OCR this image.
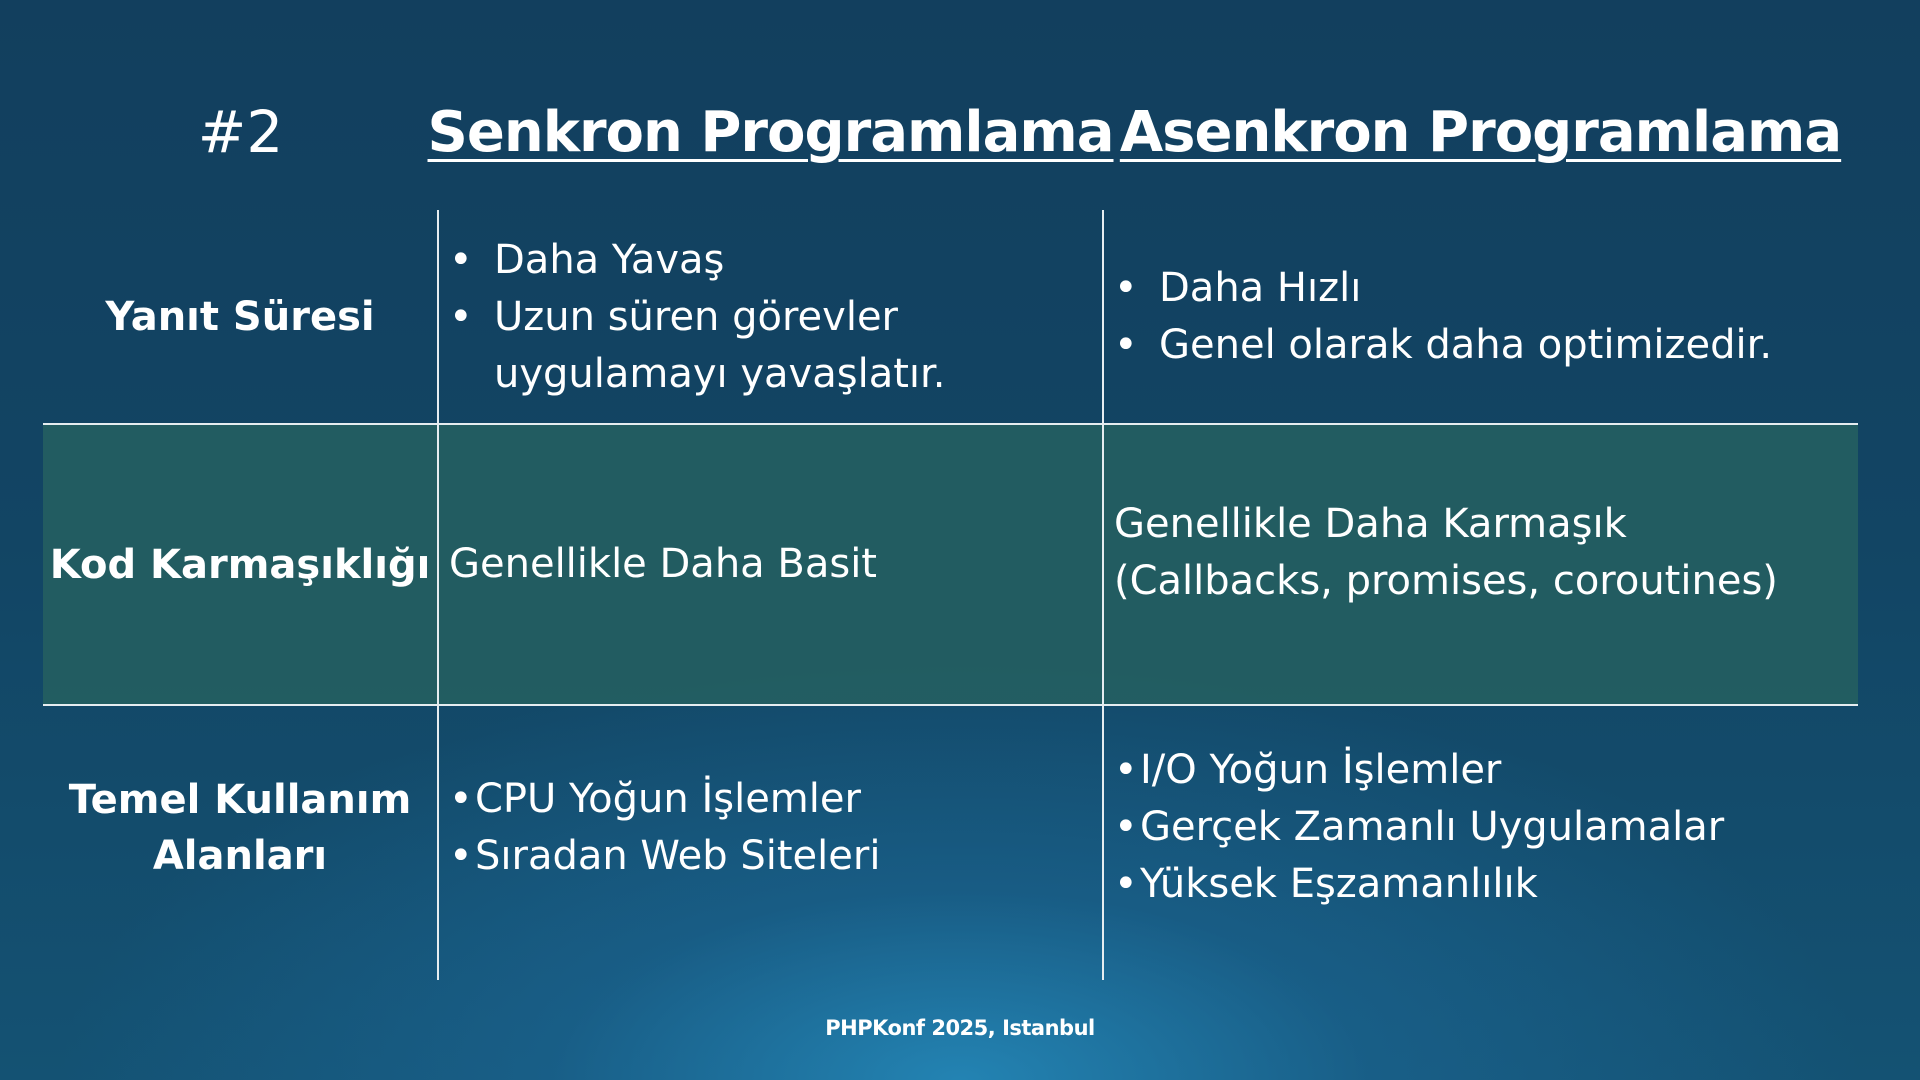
#2	Senkron Programlama Asenkron Programlama
Yanıt Süresi
• Daha Yavaş
• Uzun süren görevler uygulamayı yavaşlatır.
• Daha Hızlı
• Genel olarak daha optimizedir.
Kod Karmaşıklığı Genellikle Daha Basit

Genellikle Daha Karmaşık
(Callbacks, promises, coroutines)
Temel Kullanım
Alanları
• CPU Yoğun İşlemler
• Sıradan Web Siteleri
• I/O Yoğun İşlemler
• Gerçek Zamanlı Uygulamalar
• Yüksek Eşzamanlılık
PHPKonf 2025, Istanbul
